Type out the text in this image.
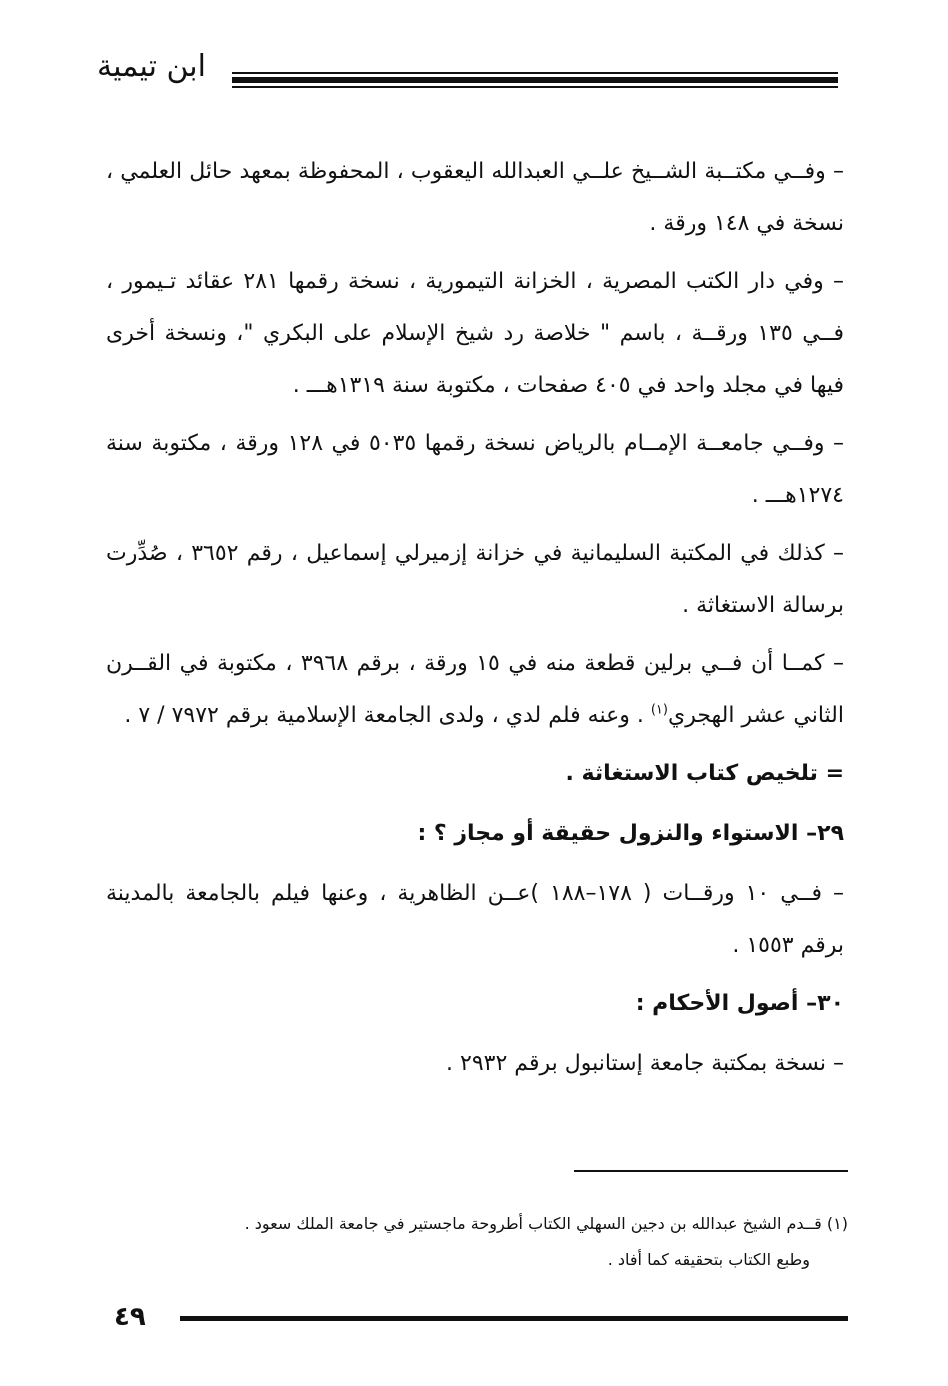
ابن تيمية

– وفــي مكتــبة الشــيخ علــي العبدالله اليعقوب ، المحفوظة بمعهد حائل العلمي ، نسخة في ١٤٨ ورقة .

– وفي دار الكتب المصرية ، الخزانة التيمورية ، نسخة رقمها ٢٨١ عقائد تـيمور ، فــي ١٣٥ ورقــة ، باسم " خلاصة رد شيخ الإسلام على البكري "، ونسخة أخرى فيها في مجلد واحد في ٤٠٥ صفحات ، مكتوبة سنة ١٣١٩هـــ .

– وفــي جامعــة الإمــام بالرياض نسخة رقمها ٥٠٣٥ في ١٢٨ ورقة ، مكتوبة سنة ١٢٧٤هـــ .

– كذلك في المكتبة السليمانية في خزانة إزميرلي إسماعيل ، رقم ٣٦٥٢ ، صُدِّرت برسالة الاستغاثة .

– كمــا أن فــي برلين قطعة منه في ١٥ ورقة ، برقم ٣٩٦٨ ، مكتوبة في القــرن الثاني عشر الهجري$^{(١)}$ . وعنه فلم لدي ، ولدى الجامعة الإسلامية برقم ٧٩٧٢ / ٧ .

= تلخيص كتاب الاستغاثة .

٢٩– الاستواء والنزول حقيقة أو مجاز ؟ :

– فــي ١٠ ورقــات ( ١٧٨–١٨٨ )عــن الظاهرية ، وعنها فيلم بالجامعة بالمدينة برقم ١٥٥٣ .

٣٠– أصول الأحكام :

– نسخة بمكتبة جامعة إستانبول برقم ٢٩٣٢ .

(١) قــدم الشيخ عبدالله بن دجين السهلي الكتاب أطروحة ماجستير في جامعة الملك سعود .

وطبع الكتاب بتحقيقه كما أفاد .

٤٩
